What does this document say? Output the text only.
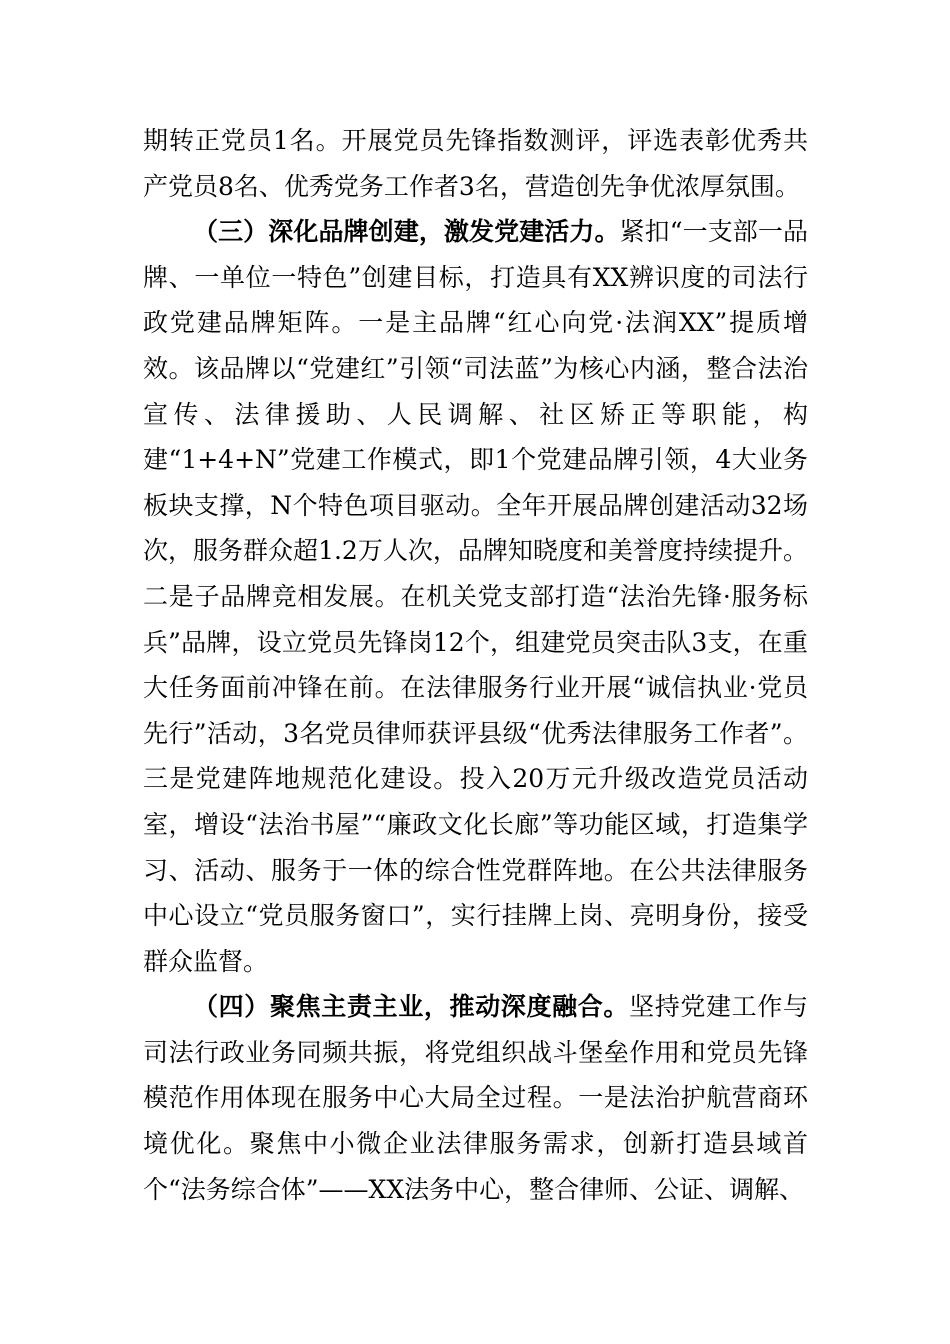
期转正党员1名。开展党员先锋指数测评，评选表彰优秀共产党员8名、优秀党务工作者3名，营造创先争优浓厚氛围。

（三）深化品牌创建，激发党建活力。紧扣“一支部一品牌、一单位一特色”创建目标，打造具有XX辨识度的司法行政党建品牌矩阵。一是主品牌“红心向党·法润XX”提质增效。该品牌以“党建红”引领“司法蓝”为核心内涵，整合法治宣传、法律援助、人民调解、社区矫正等职能，构建“1+4+N”党建工作模式，即1个党建品牌引领，4大业务板块支撑，N个特色项目驱动。全年开展品牌创建活动32场次，服务群众超1.2万人次，品牌知晓度和美誉度持续提升。二是子品牌竞相发展。在机关党支部打造“法治先锋·服务标兵”品牌，设立党员先锋岗12个，组建党员突击队3支，在重大任务面前冲锋在前。在法律服务行业开展“诚信执业·党员先行”活动，3名党员律师获评县级“优秀法律服务工作者”。三是党建阵地规范化建设。投入20万元升级改造党员活动室，增设“法治书屋”“廉政文化长廊”等功能区域，打造集学习、活动、服务于一体的综合性党群阵地。在公共法律服务中心设立“党员服务窗口”，实行挂牌上岗、亮明身份，接受群众监督。

（四）聚焦主责主业，推动深度融合。坚持党建工作与司法行政业务同频共振，将党组织战斗堡垒作用和党员先锋模范作用体现在服务中心大局全过程。一是法治护航营商环境优化。聚焦中小微企业法律服务需求，创新打造县域首个“法务综合体”——XX法务中心，整合律师、公证、调解、
